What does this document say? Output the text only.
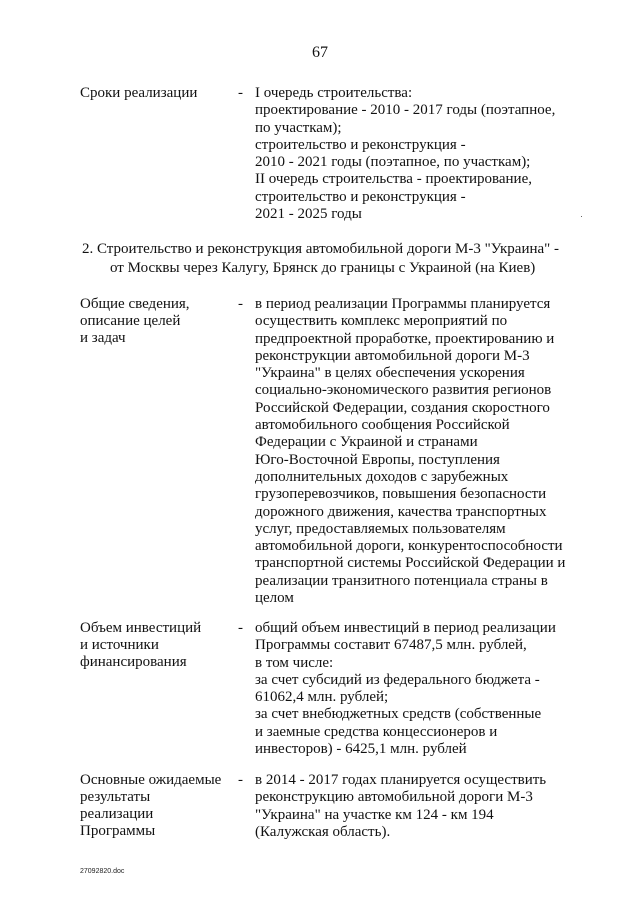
67
Сроки реализации	- I очередь строительства:
проектирование - 2010 - 2017 годы (поэтапное,
по участкам);
строительство и реконструкция -
2010 - 2021 годы (поэтапное, по участкам);
II очередь строительства - проектирование,
строительство и реконструкция -
2021 - 2025 годы
2. Строительство и реконструкция автомобильной дороги М-3 "Украина" -
от Москвы через Калугу, Брянск до границы с Украиной (на Киев)
Общие сведения,
описание целей
и задач
- в период реализации Программы планируется
осуществить комплекс мероприятий по
предпроектной проработке, проектированию и
реконструкции автомобильной дороги М-3
"Украина" в целях обеспечения ускорения
социально-экономического развития регионов
Российской Федерации, создания скоростного
автомобильного сообщения Российской
Федерации с Украиной и странами
Юго-Восточной Европы, поступления
дополнительных доходов с зарубежных
грузоперевозчиков, повышения безопасности
дорожного движения, качества транспортных
услуг, предоставляемых пользователям
автомобильной дороги, конкурентоспособности
транспортной системы Российской Федерации и
реализации транзитного потенциала страны в
целом
Объем инвестиций
и источники
финансирования
- общий объем инвестиций в период реализации
Программы составит 67487,5 млн. рублей,
в том числе:
за счет субсидий из федерального бюджета -
61062,4 млн. рублей;
за счет внебюджетных средств (собственные
и заемные средства концессионеров и
инвесторов) - 6425,1 млн. рублей
Основные ожидаемые
результаты
реализации
Программы
- в 2014 - 2017 годах планируется осуществить
реконструкцию автомобильной дороги М-3
"Украина" на участке км 124 - км 194
(Калужская область).
27092820.doc
